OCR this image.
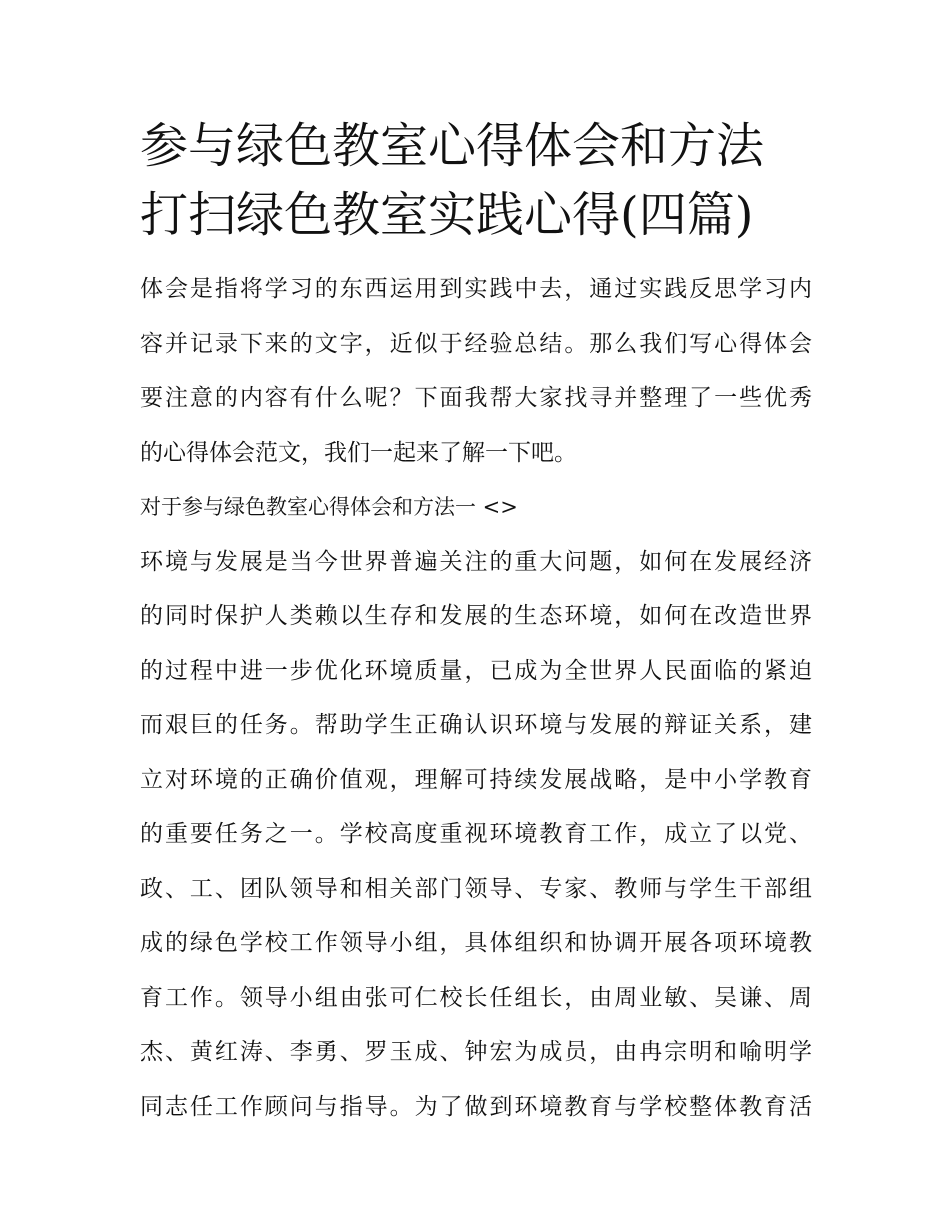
参与绿色教室心得体会和方法
打扫绿色教室实践心得(四篇)

体会是指将学习的东西运用到实践中去，通过实践反思学习内
容并记录下来的文字，近似于经验总结。那么我们写心得体会
要注意的内容有什么呢？下面我帮大家找寻并整理了一些优秀
的心得体会范文，我们一起来了解一下吧。

对于参与绿色教室心得体会和方法一 <>

环境与发展是当今世界普遍关注的重大问题，如何在发展经济
的同时保护人类赖以生存和发展的生态环境，如何在改造世界
的过程中进一步优化环境质量，已成为全世界人民面临的紧迫
而艰巨的任务。帮助学生正确认识环境与发展的辩证关系，建
立对环境的正确价值观，理解可持续发展战略，是中小学教育
的重要任务之一。学校高度重视环境教育工作，成立了以党、
政、工、团队领导和相关部门领导、专家、教师与学生干部组
成的绿色学校工作领导小组，具体组织和协调开展各项环境教
育工作。领导小组由张可仁校长任组长，由周业敏、吴谦、周
杰、黄红涛、李勇、罗玉成、钟宏为成员，由冉宗明和喻明学
同志任工作顾问与指导。为了做到环境教育与学校整体教育活
